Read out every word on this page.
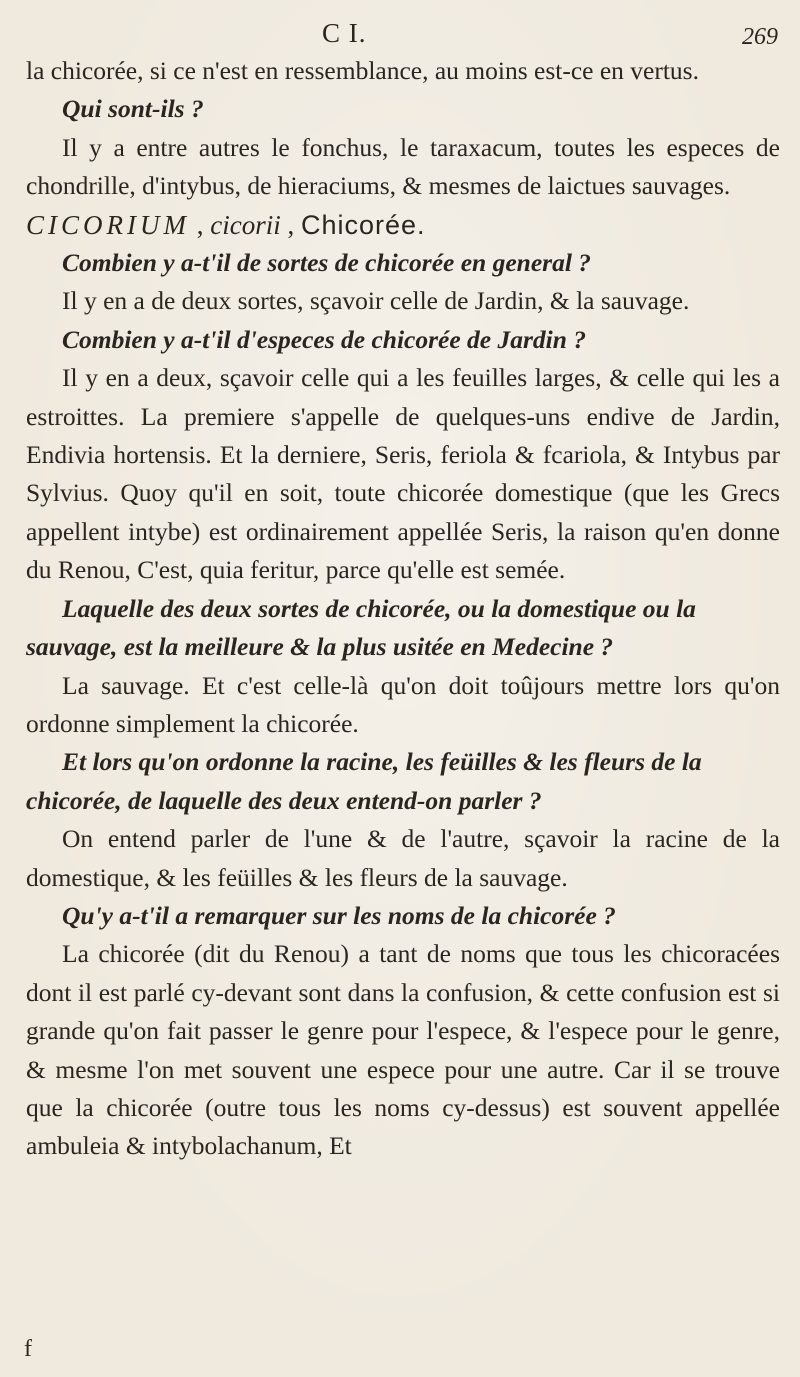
C I.	269

la chicorée, si ce n'est en ressemblance, au moins est-ce en vertus.

Qui sont-ils ?

Il y a entre autres le fonchus, le taraxacum, toutes les especes de chondrille, d'intybus, de hieraciums, & mesmes de laictues sauvages.

CICORIUM , cicorii , Chicorée.

Combien y a-t'il de sortes de chicorée en general ?

Il y en a de deux sortes, sçavoir celle de Jardin, & la sauvage.

Combien y a-t'il d'especes de chicorée de Jardin ?

Il y en a deux, sçavoir celle qui a les feuilles larges, & celle qui les a estroittes. La premiere s'appelle de quelques-uns endive de Jardin, Endivia hortensis. Et la derniere, Seris, feriola & fcariola, & Intybus par Sylvius. Quoy qu'il en soit, toute chicorée domestique (que les Grecs appellent intybe) est ordinairement appellée Seris, la raison qu'en donne du Renou, C'est, quia feritur, parce qu'elle est semée.

Laquelle des deux sortes de chicorée, ou la domestique ou la sauvage, est la meilleure & la plus usitée en Medecine ?

La sauvage. Et c'est celle-là qu'on doit toûjours mettre lors qu'on ordonne simplement la chicorée.

Et lors qu'on ordonne la racine, les feüilles & les fleurs de la chicorée, de laquelle des deux entend-on parler ?

On entend parler de l'une & de l'autre, sçavoir la racine de la domestique, & les feüilles & les fleurs de la sauvage.

Qu'y a-t'il a remarquer sur les noms de la chicorée ?

La chicorée (dit du Renou) a tant de noms que tous les chicoracées dont il est parlé cy-devant sont dans la confusion, & cette confusion est si grande qu'on fait passer le genre pour l'espece, & l'espece pour le genre, & mesme l'on met souvent une espece pour une autre. Car il se trouve que la chicorée (outre tous les noms cy-dessus) est souvent appellée ambuleia & intybolachanum, Et

f
